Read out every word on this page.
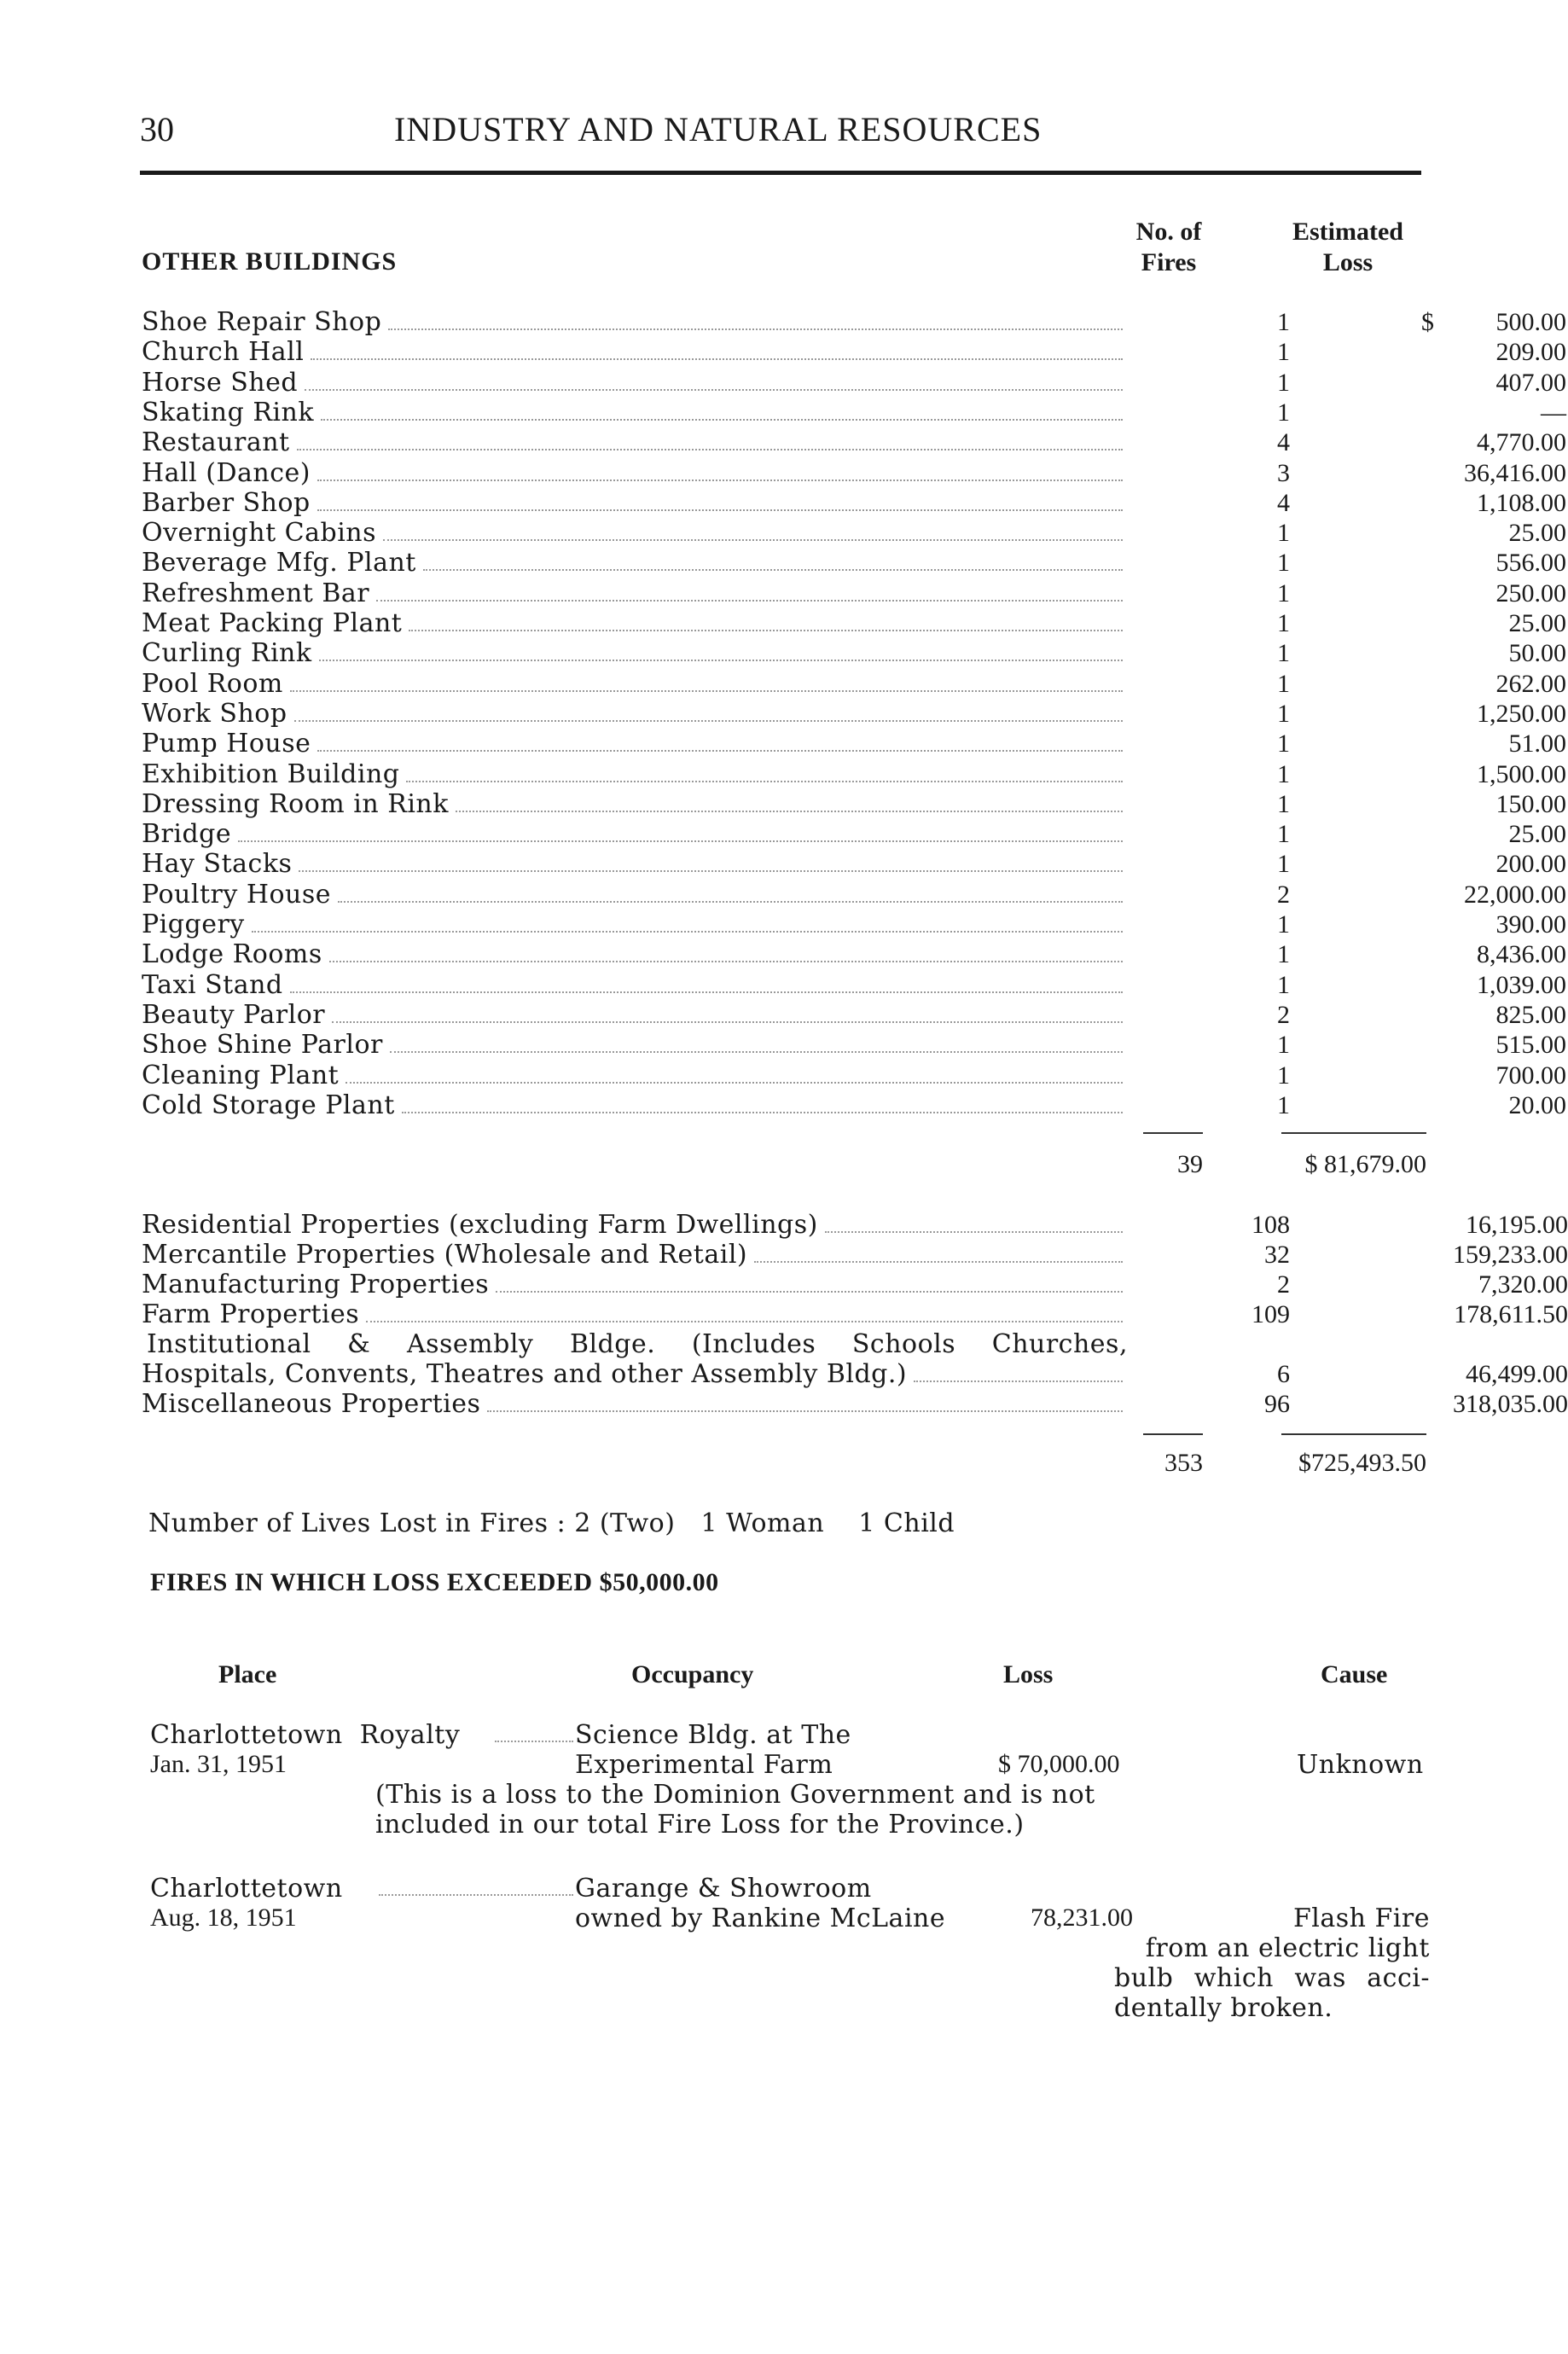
30	INDUSTRY AND NATURAL RESOURCES
OTHER BUILDINGS
No. of
Fires
Estimated
Loss
Shoe Repair Shop	1	$	500.00
Church Hall	1	209.00
Horse Shed	1	407.00
Skating Rink	1	—
Restaurant	4	4,770.00
Hall (Dance)	3	36,416.00
Barber Shop	4	1,108.00
Overnight Cabins	1	25.00
Beverage Mfg. Plant	1	556.00
Refreshment Bar	1	250.00
Meat Packing Plant	1	25.00
Curling Rink	1	50.00
Pool Room	1	262.00
Work Shop	1	1,250.00
Pump House	1	51.00
Exhibition Building	1	1,500.00
Dressing Room in Rink	1	150.00
Bridge	1	25.00
Hay Stacks	1	200.00
Poultry House	2	22,000.00
Piggery	1	390.00
Lodge Rooms	1	8,436.00
Taxi Stand	1	1,039.00
Beauty Parlor	2	825.00
Shoe Shine Parlor	1	515.00
Cleaning Plant	1	700.00
Cold Storage Plant	1	20.00
39	$ 81,679.00
Residential Properties (excluding Farm Dwellings)	108	16,195.00
Mercantile Properties (Wholesale and Retail)	32	159,233.00
Manufacturing Properties	2	7,320.00
Farm Properties	109	178,611.50
Institutional & Assembly Bldge. (Includes Schools Churches,
Hospitals, Convents, Theatres and other Assembly Bldg.)	6	46,499.00
Miscellaneous Properties	96	318,035.00
353	$725,493.50
Number of Lives Lost in Fires : 2 (Two)   1 Woman    1 Child
FIRES IN WHICH LOSS EXCEEDED $50,000.00
Place	Occupancy	Loss	Cause
Charlottetown  Royalty
Jan. 31, 1951
Science Bldg. at The
Experimental Farm	$ 70,000.00	Unknown
(This is a loss to the Dominion Government and is not
included in our total Fire Loss for the Province.)
Charlottetown
Aug. 18, 1951
Garange & Showroom
owned by Rankine McLaine	78,231.00	Flash Fire
from an electric light
bulb which was acci-
dentally broken.
